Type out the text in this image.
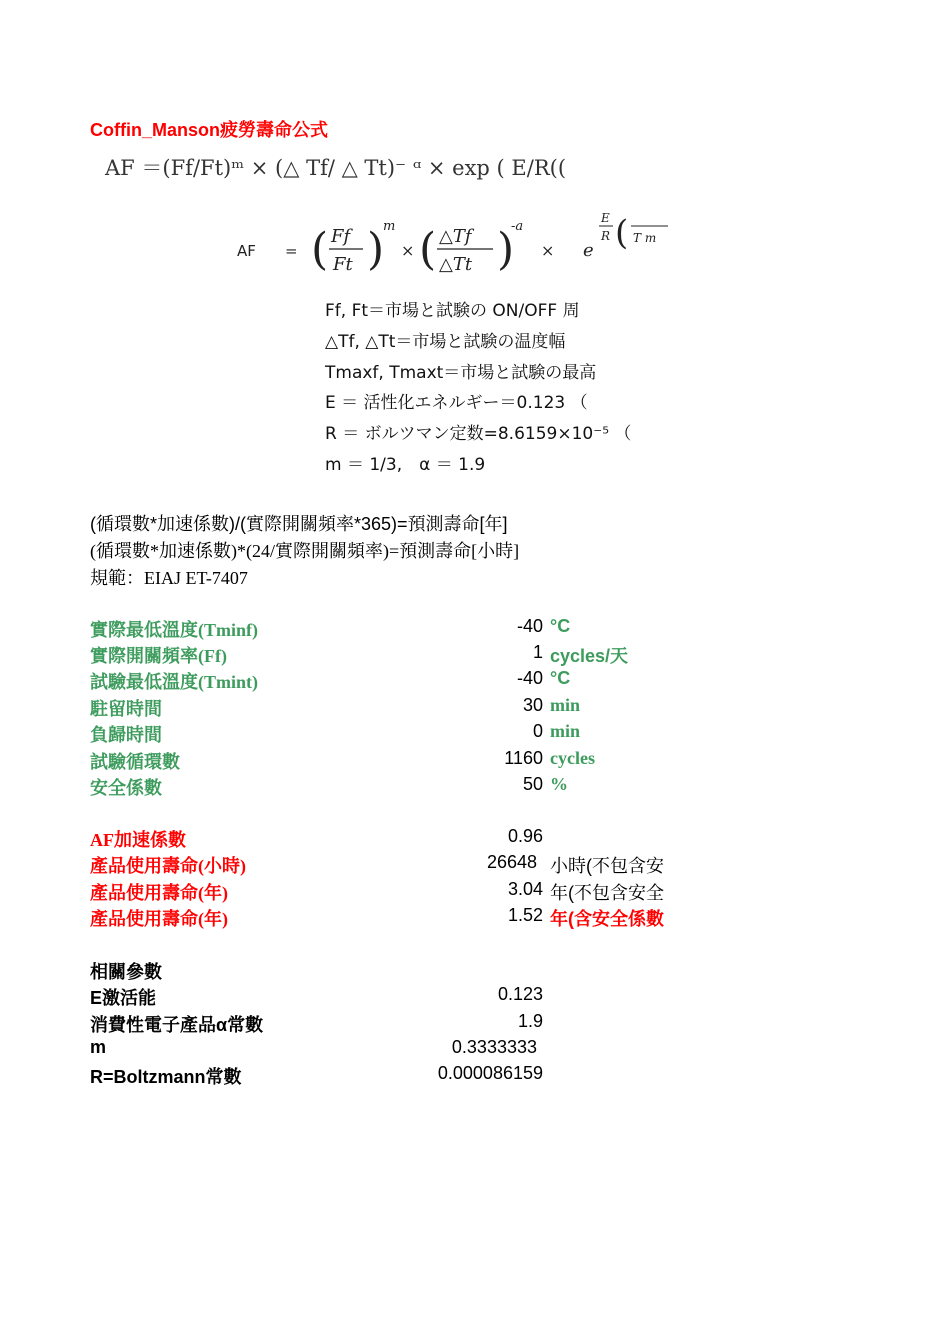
Coffin_Manson疲勞壽命公式
AF ＝(Ff/Ft)ᵐ × (△ Tf/ △ Tt)⁻ ᵅ × exp ( E/R((
AF = ( Ff
Ft )
m
× ( △Tf
△Tt )
-a
× e
E
R ( T m
Ff, Ft＝市場と試験の ON/OFF 周
△Tf, △Tt＝市場と試験の温度幅
Tmaxf, Tmaxt＝市場と試験の最高
E ＝ 活性化エネルギー＝0.123 （
R ＝ ボルツマン定数=8.6159×10⁻⁵ （
m ＝ 1/3,　α ＝ 1.9
(循環數*加速係數)/(實際開關頻率*365)=預測壽命[年]
(循環數*加速係數)*(24/實際開關頻率)=預測壽命[小時]
規範：EIAJ ET-7407
實際最低溫度(Tminf)	-40 °C
實際開關頻率(Ff)	1 cycles/天
試驗最低溫度(Tmint)	-40 °C
駐留時間	30 min
負歸時間	0 min
試驗循環數	1160 cycles
安全係數	50 %
AF加速係數	0.96
產品使用壽命(小時)	26648 小時(不包含安
產品使用壽命(年)	3.04 年(不包含安全
產品使用壽命(年)	1.52 年(含安全係數
相關參數
E激活能	0.123
消費性電子產品α常數	1.9
m	0.3333333
R=Boltzmann常數	0.000086159
